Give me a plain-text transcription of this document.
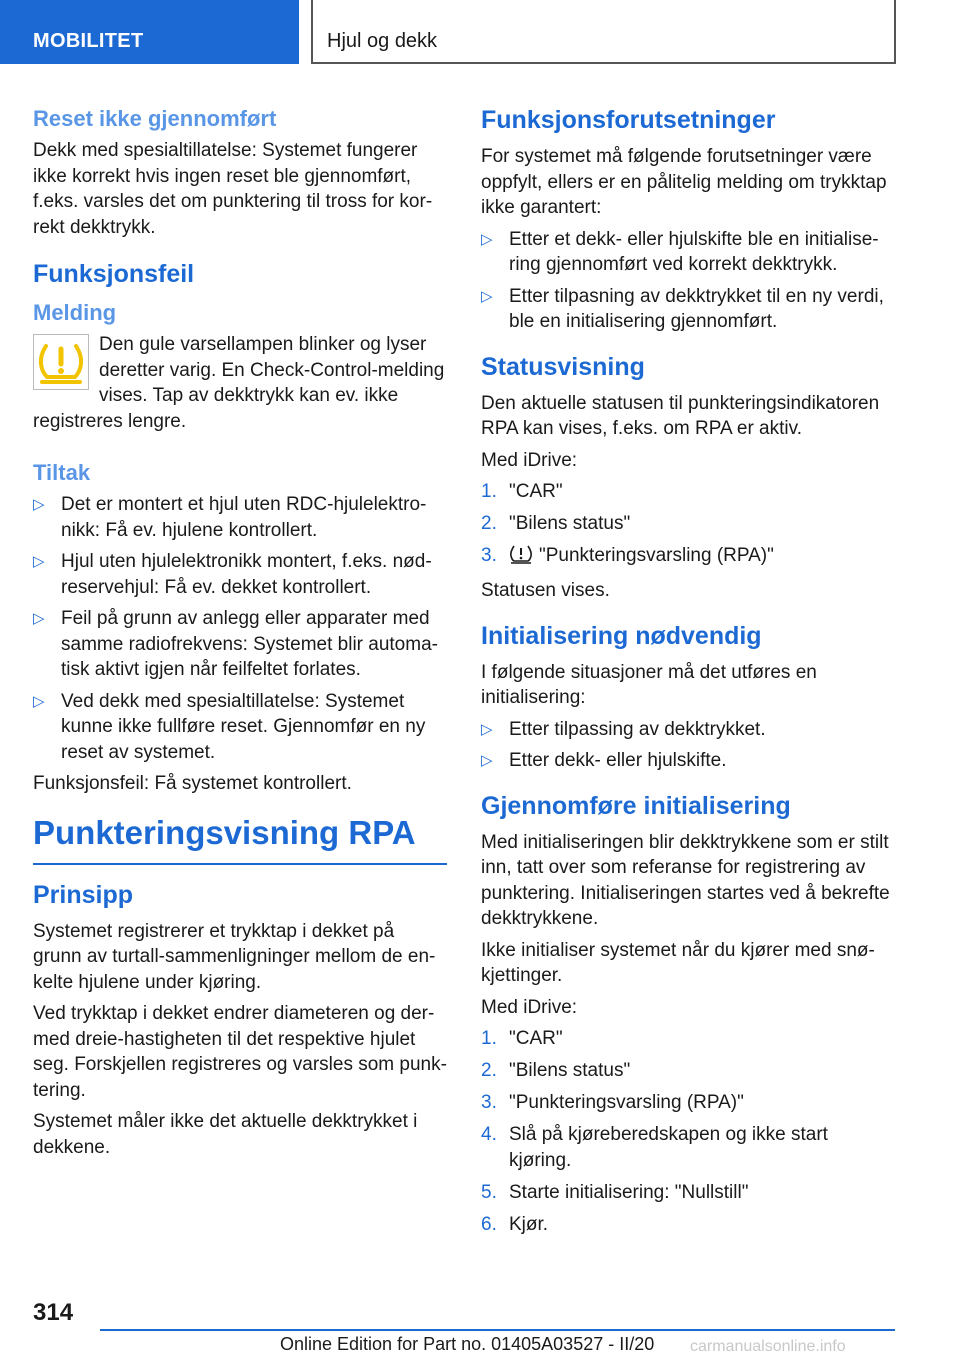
MOBILITET	Hjul og dekk
Reset ikke gjennomført

Dekk med spesialtillatelse: Systemet fungerer ikke korrekt hvis ingen reset ble gjennomført, f.eks. varsles det om punktering til tross for korrekt dekktrykk.

Funksjonsfeil
Melding

Den gule varsellampen blinker og lyser deretter varig. En Check-Control-melding vises. Tap av dekktrykk kan ev. ikke registreres lengre.

Tiltak
▷ Det er montert et hjul uten RDC-hjulelektronikk: Få ev. hjulene kontrollert.
▷ Hjul uten hjulelektronikk montert, f.eks. nødreservehjul: Få ev. dekket kontrollert.
▷ Feil på grunn av anlegg eller apparater med samme radiofrekvens: Systemet blir automatisk aktivt igjen når feilfeltet forlates.
▷ Ved dekk med spesialtillatelse: Systemet kunne ikke fullføre reset. Gjennomfør en ny reset av systemet.

Funksjonsfeil: Få systemet kontrollert.

Punkteringsvisning RPA
Prinsipp

Systemet registrerer et trykktap i dekket på grunn av turtall-sammenligninger mellom de enkelte hjulene under kjøring.

Ved trykktap i dekket endrer diameteren og dermed dreie-hastigheten til det respektive hjulet seg. Forskjellen registreres og varsles som punktering.

Systemet måler ikke det aktuelle dekktrykket i dekkene.

Funksjonsforutsetninger

For systemet må følgende forutsetninger være oppfylt, ellers er en pålitelig melding om trykktap ikke garantert:

▷ Etter et dekk- eller hjulskifte ble en initialisering gjennomført ved korrekt dekktrykk.
▷ Etter tilpasning av dekktrykket til en ny verdi, ble en initialisering gjennomført.
Statusvisning

Den aktuelle statusen til punkteringsindikatoren RPA kan vises, f.eks. om RPA er aktiv.

Med iDrive:

1. "CAR"
2. "Bilens status"
3. "Punkteringsvarsling (RPA)"

Statusen vises.

Initialisering nødvendig

I følgende situasjoner må det utføres en initialisering:

▷ Etter tilpassing av dekktrykket.
▷ Etter dekk- eller hjulskifte.
Gjennomføre initialisering

Med initialiseringen blir dekktrykkene som er stilt inn, tatt over som referanse for registrering av punktering. Initialiseringen startes ved å bekrefte dekktrykkene.

Ikke initialiser systemet når du kjører med snøkjettinger.

Med iDrive:

1. "CAR"
2. "Bilens status"
3. "Punkteringsvarsling (RPA)"
4. Slå på kjøreberedskapen og ikke start kjøring.
5. Starte initialisering: "Nullstill"
6. Kjør.
314
Online Edition for Part no. 01405A03527 - II/20 carmanualsonline.info
